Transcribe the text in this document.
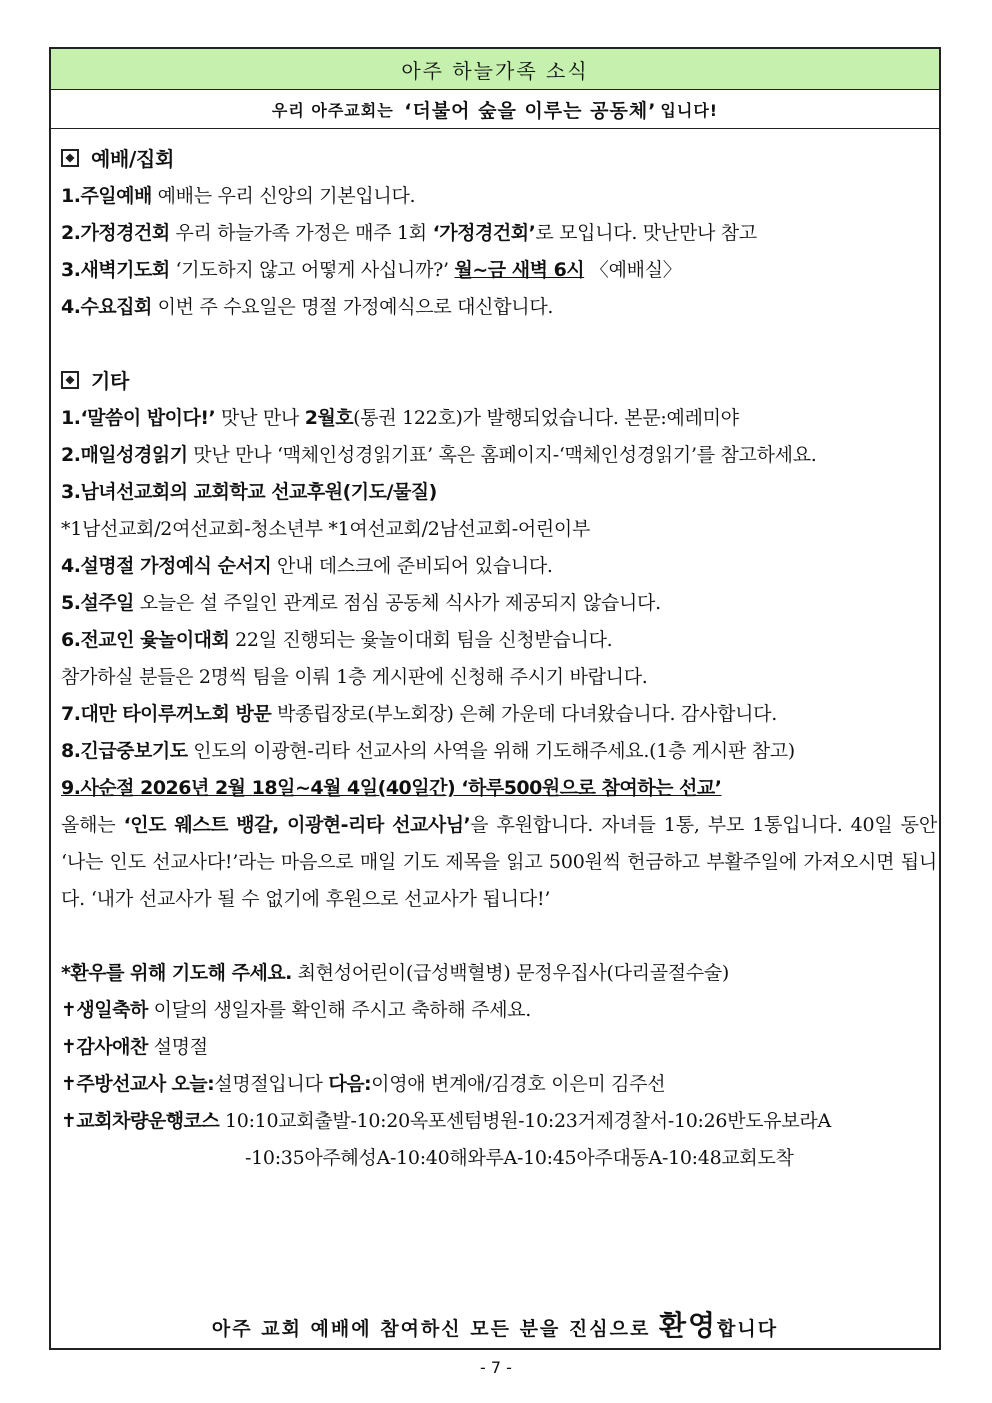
아주 하늘가족 소식
우리 아주교회는
‘더불어 숲을 이루는 공동체’ 입니다!
예배/집회
1.주일예배 예배는 우리 신앙의 기본입니다.
2.가정경건회 우리 하늘가족 가정은 매주 1회 ‘가정경건회’로 모입니다. 맛난만나 참고
3.새벽기도회 ‘기도하지 않고 어떻게 사십니까?’ 월~금 새벽 6시 〈예배실〉
4.수요집회 이번 주 수요일은 명절 가정예식으로 대신합니다.
기타
1.‘말씀이 밥이다!’ 맛난 만나 2월호(통권 122호)가 발행되었습니다. 본문:예레미야
2.매일성경읽기 맛난 만나 ‘맥체인성경읽기표’ 혹은 홈페이지-‘맥체인성경읽기’를 참고하세요.
3.남녀선교회의 교회학교 선교후원(기도/물질)
*1남선교회/2여선교회-청소년부 *1여선교회/2남선교회-어린이부
4.설명절 가정예식 순서지 안내 데스크에 준비되어 있습니다.
5.설주일 오늘은 설 주일인 관계로 점심 공동체 식사가 제공되지 않습니다.
6.전교인 윷놀이대회 22일 진행되는 윷놀이대회 팀을 신청받습니다.
참가하실 분들은 2명씩 팀을 이뤄 1층 게시판에 신청해 주시기 바랍니다.
7.대만 타이루꺼노회 방문 박종립장로(부노회장) 은혜 가운데 다녀왔습니다. 감사합니다.
8.긴급중보기도 인도의 이광현-리타 선교사의 사역을 위해 기도해주세요.(1층 게시판 참고)
9.사순절 2026년 2월 18일~4월 4일(40일간) ‘하루500원으로 참여하는 선교’
올해는 ‘인도 웨스트 뱅갈, 이광현-리타 선교사님’을 후원합니다. 자녀들 1통, 부모 1통입니다. 40일 동안 ‘나는 인도 선교사다!’라는 마음으로 매일 기도 제목을 읽고 500원씩 헌금하고 부활주일에 가져오시면 됩니다. ‘내가 선교사가 될 수 없기에 후원으로 선교사가 됩니다!’
*환우를 위해 기도해 주세요. 최현성어린이(급성백혈병) 문정우집사(다리골절수술)
✝생일축하 이달의 생일자를 확인해 주시고 축하해 주세요.
✝감사애찬 설명절
✝주방선교사 오늘:설명절입니다 다음:이영애 변계애/김경호 이은미 김주선
✝교회차량운행코스 10:10교회출발-10:20옥포센텀병원-10:23거제경찰서-10:26반도유보라A
-10:35아주혜성A-10:40해와루A-10:45아주대동A-10:48교회도착
아주 교회 예배에 참여하신 모든 분을 진심으로 환영합니다
- 7 -
